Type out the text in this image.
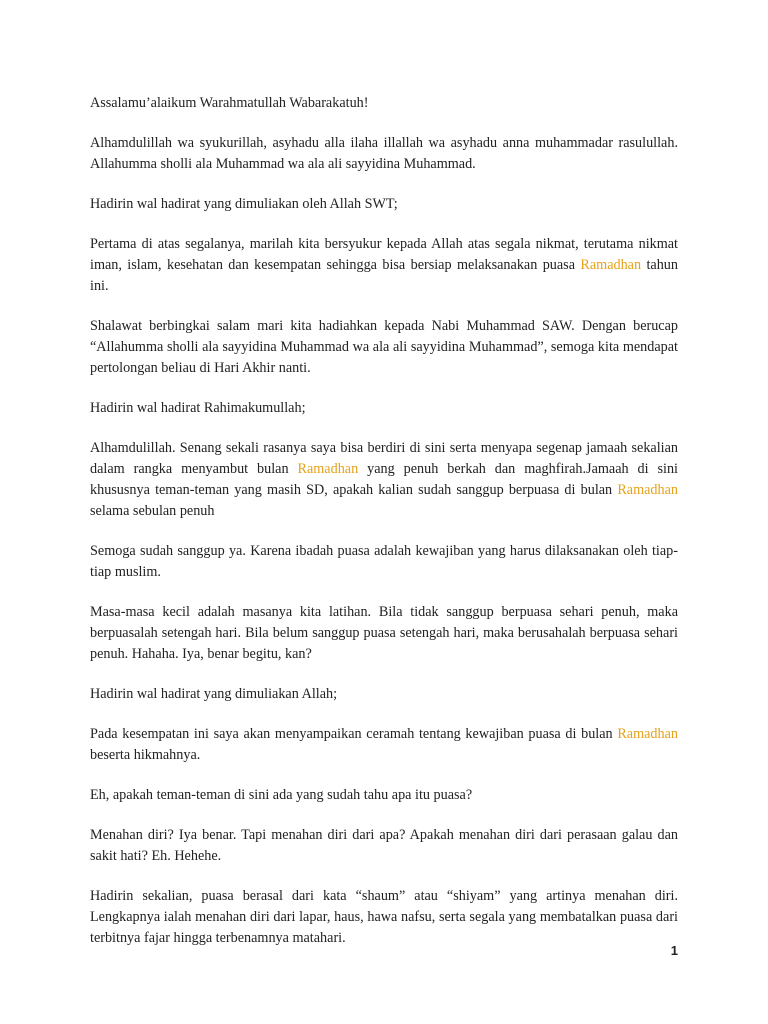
Assalamu’alaikum Warahmatullah Wabarakatuh!

Alhamdulillah wa syukurillah, asyhadu alla ilaha illallah wa asyhadu anna muhammadar rasulullah. Allahumma sholli ala Muhammad wa ala ali sayyidina Muhammad.

Hadirin wal hadirat yang dimuliakan oleh Allah SWT;

Pertama di atas segalanya, marilah kita bersyukur kepada Allah atas segala nikmat, terutama nikmat iman, islam, kesehatan dan kesempatan sehingga bisa bersiap melaksanakan puasa Ramadhan tahun ini.

Shalawat berbingkai salam mari kita hadiahkan kepada Nabi Muhammad SAW. Dengan berucap “Allahumma sholli ala sayyidina Muhammad wa ala ali sayyidina Muhammad”, semoga kita mendapat pertolongan beliau di Hari Akhir nanti.

Hadirin wal hadirat Rahimakumullah;

Alhamdulillah. Senang sekali rasanya saya bisa berdiri di sini serta menyapa segenap jamaah sekalian dalam rangka menyambut bulan Ramadhan yang penuh berkah dan maghfirah.Jamaah di sini khususnya teman-teman yang masih SD, apakah kalian sudah sanggup berpuasa di bulan Ramadhan selama sebulan penuh

Semoga sudah sanggup ya. Karena ibadah puasa adalah kewajiban yang harus dilaksanakan oleh tiap-tiap muslim.

Masa-masa kecil adalah masanya kita latihan. Bila tidak sanggup berpuasa sehari penuh, maka berpuasalah setengah hari. Bila belum sanggup puasa setengah hari, maka berusahalah berpuasa sehari penuh. Hahaha. Iya, benar begitu, kan?

Hadirin wal hadirat yang dimuliakan Allah;

Pada kesempatan ini saya akan menyampaikan ceramah tentang kewajiban puasa di bulan Ramadhan beserta hikmahnya.

Eh, apakah teman-teman di sini ada yang sudah tahu apa itu puasa?

Menahan diri? Iya benar. Tapi menahan diri dari apa? Apakah menahan diri dari perasaan galau dan sakit hati? Eh. Hehehe.

Hadirin sekalian, puasa berasal dari kata “shaum” atau “shiyam” yang artinya menahan diri. Lengkapnya ialah menahan diri dari lapar, haus, hawa nafsu, serta segala yang membatalkan puasa dari terbitnya fajar hingga terbenamnya matahari.

1
